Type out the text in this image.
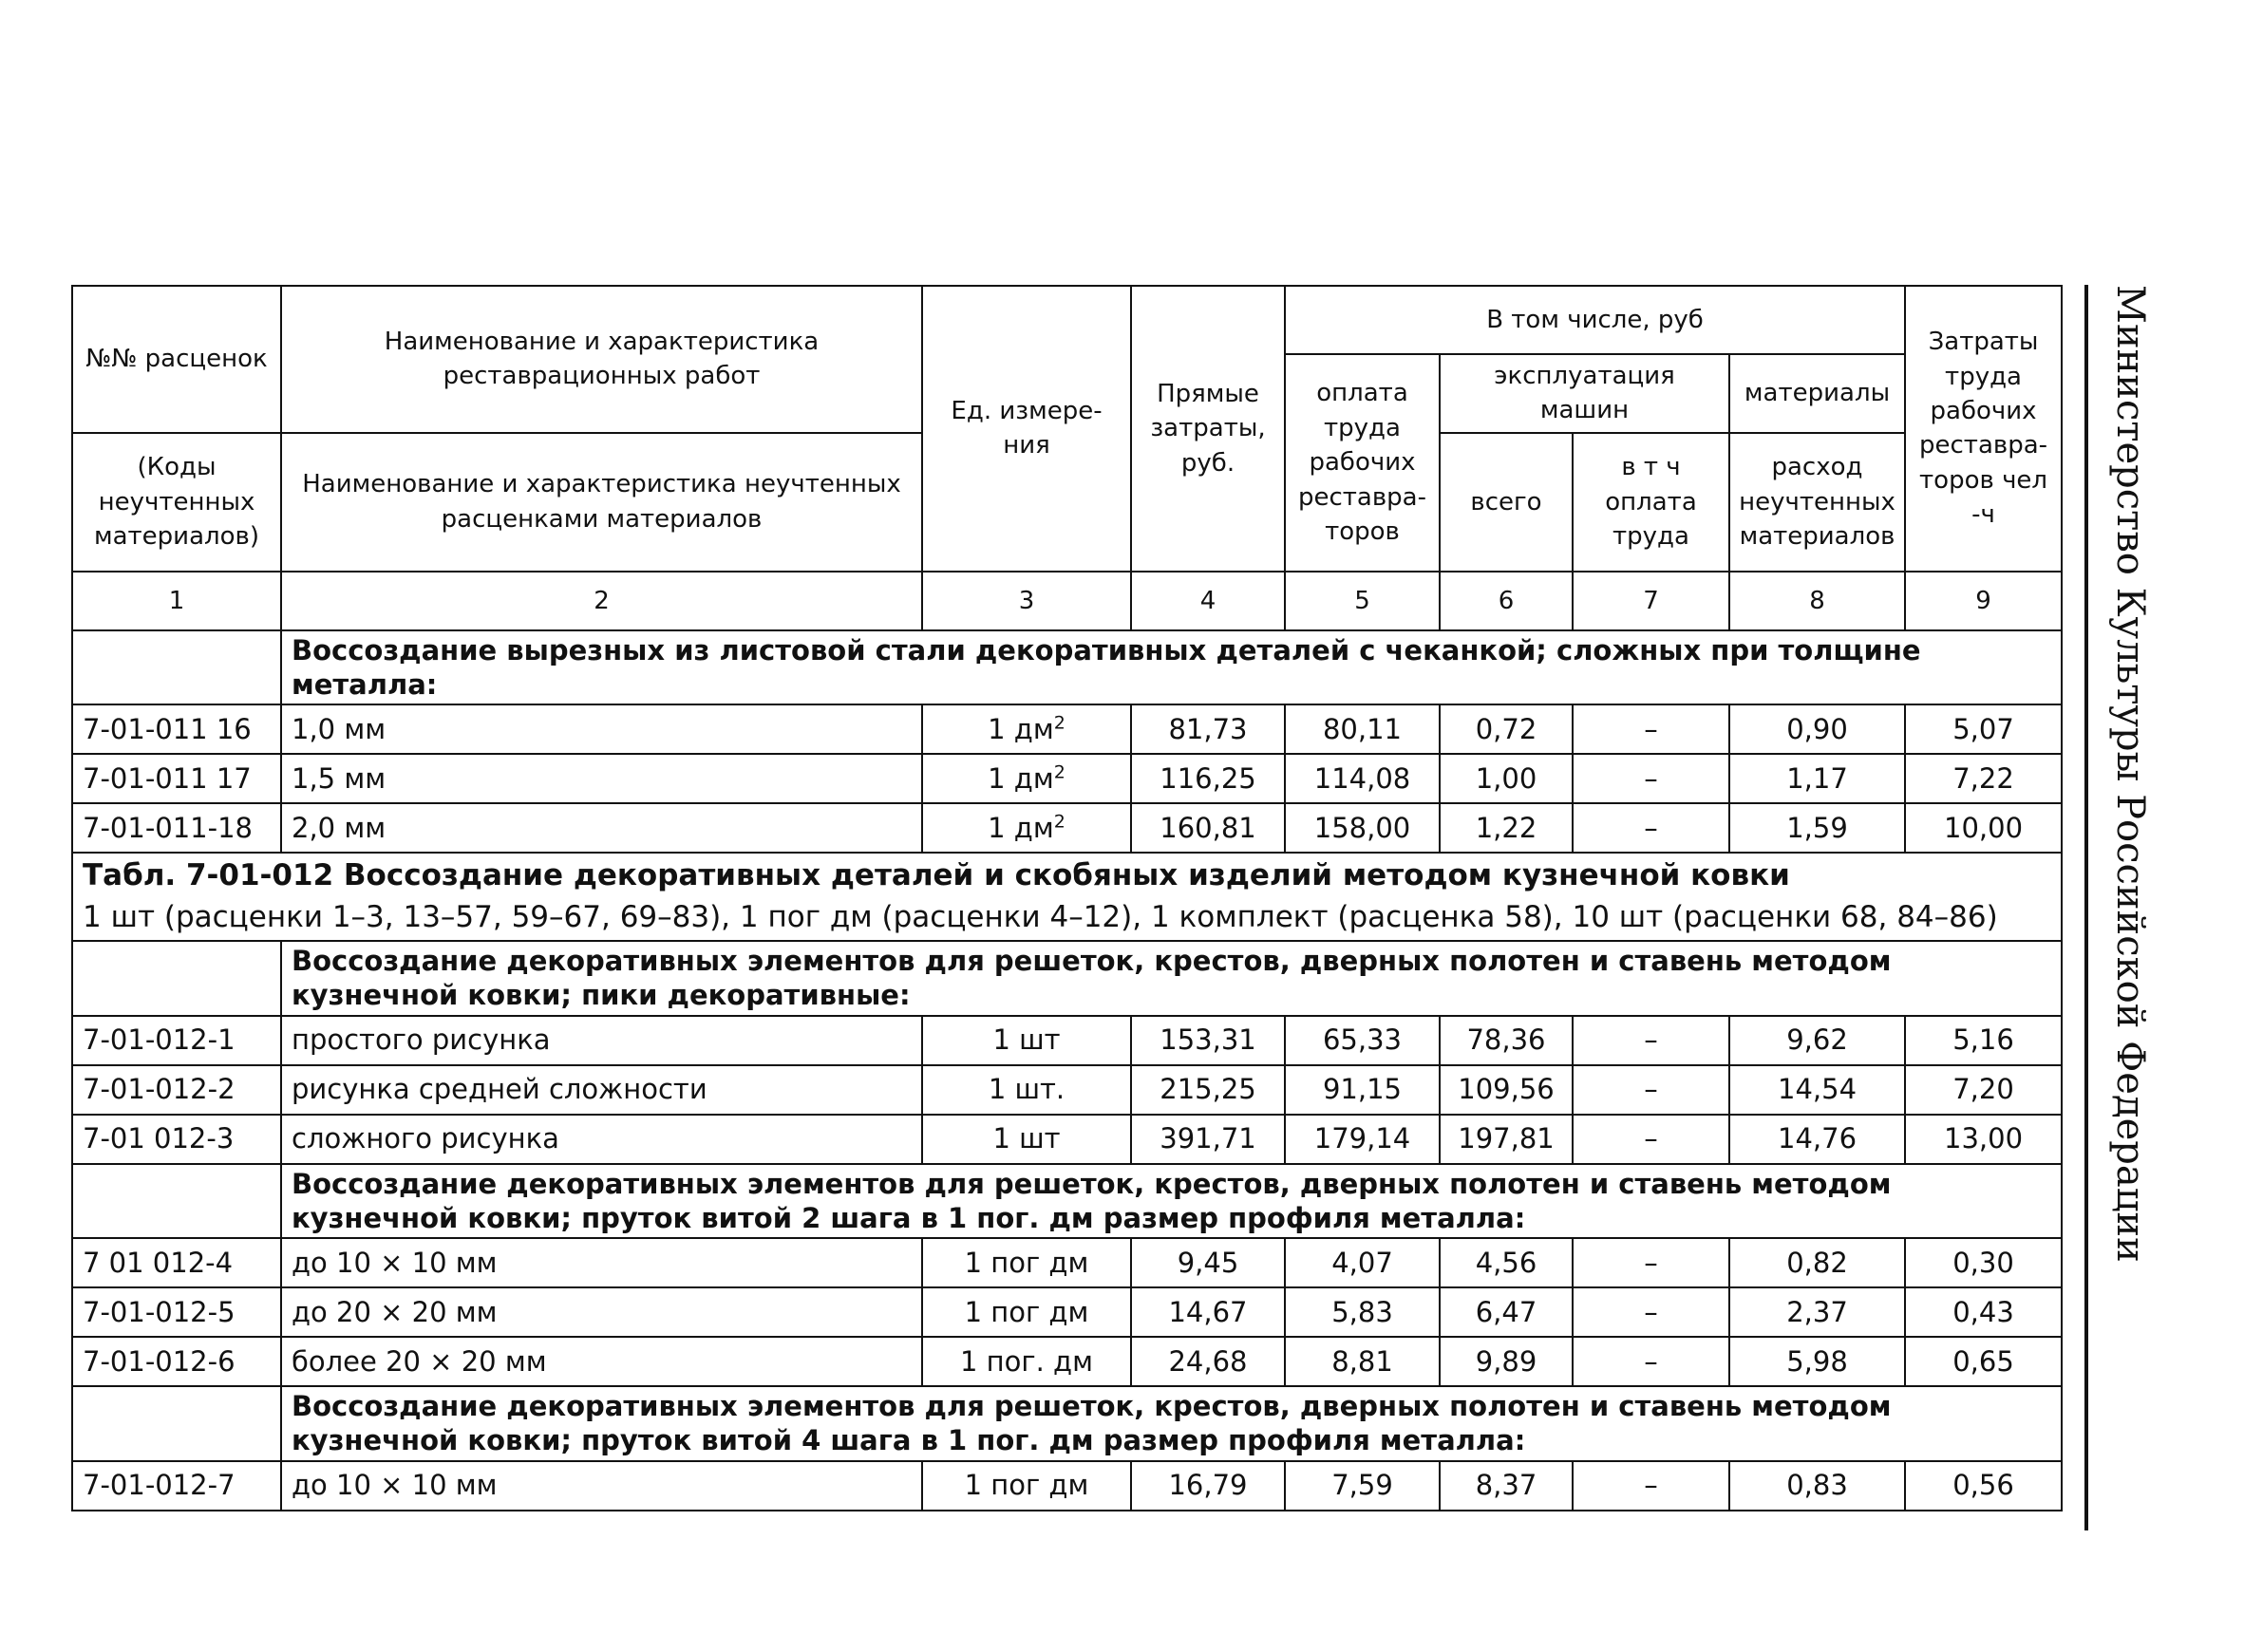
№№ расценок	Наименование и характеристика реставрационных работ	Ед. измере-ния	Прямые затраты, руб.	В том числе, руб				Затраты труда рабочих реставра-торов чел -ч
				оплата труда рабочих реставра-торов	эксплуатация машин		материалы	
(Коды неучтенных материалов)	Наименование и характеристика неучтенных расценками материалов				всего	в т ч оплата труда	расход неучтенных материалов	
1	2	3	4	5	6	7	8	9
	Воссоздание вырезных из листовой стали декоративных деталей с чеканкой; сложных при толщине металла:							
7-01-011 16	1,0 мм	1 $дм^2$	81,73	80,11	0,72	–	0,90	5,07
7-01-011 17	1,5 мм	1 $дм^2$	116,25	114,08	1,00	–	1,17	7,22
7-01-011-18	2,0 мм	1 $дм^2$	160,81	158,00	1,22	–	1,59	10,00

Табл. 7-01-012 Воссоздание декоративных деталей и скобяных изделий методом кузнечной ковки
1 шт (расценки 1–3, 13–57, 59–67, 69–83), 1 пог дм (расценки 4–12), 1 комплект (расценка 58), 10 шт (расценки 68, 84–86)								

	Воссоздание декоративных элементов для решеток, крестов, дверных полотен и ставень методом кузнечной ковки; пики декоративные:							
7-01-012-1	простого рисунка	1 шт	153,31	65,33	78,36	–	9,62	5,16
7-01-012-2	рисунка средней сложности	1 шт.	215,25	91,15	109,56	–	14,54	7,20
7-01 012-3	сложного рисунка	1 шт	391,71	179,14	197,81	–	14,76	13,00
	Воссоздание декоративных элементов для решеток, крестов, дверных полотен и ставень методом кузнечной ковки; пруток витой 2 шага в 1 пог. дм размер профиля металла:							
7 01 012-4	до 10 × 10 мм	1 пог дм	9,45	4,07	4,56	–	0,82	0,30
7-01-012-5	до 20 × 20 мм	1 пог дм	14,67	5,83	6,47	–	2,37	0,43
7-01-012-6	более 20 × 20 мм	1 пог. дм	24,68	8,81	9,89	–	5,98	0,65
	Воссоздание декоративных элементов для решеток, крестов, дверных полотен и ставень методом кузнечной ковки; пруток витой 4 шага в 1 пог. дм размер профиля металла:							
7-01-012-7	до 10 × 10 мм	1 пог дм	16,79	7,59	8,37	–	0,83	0,56
Министерство Культуры Российской Федерации
